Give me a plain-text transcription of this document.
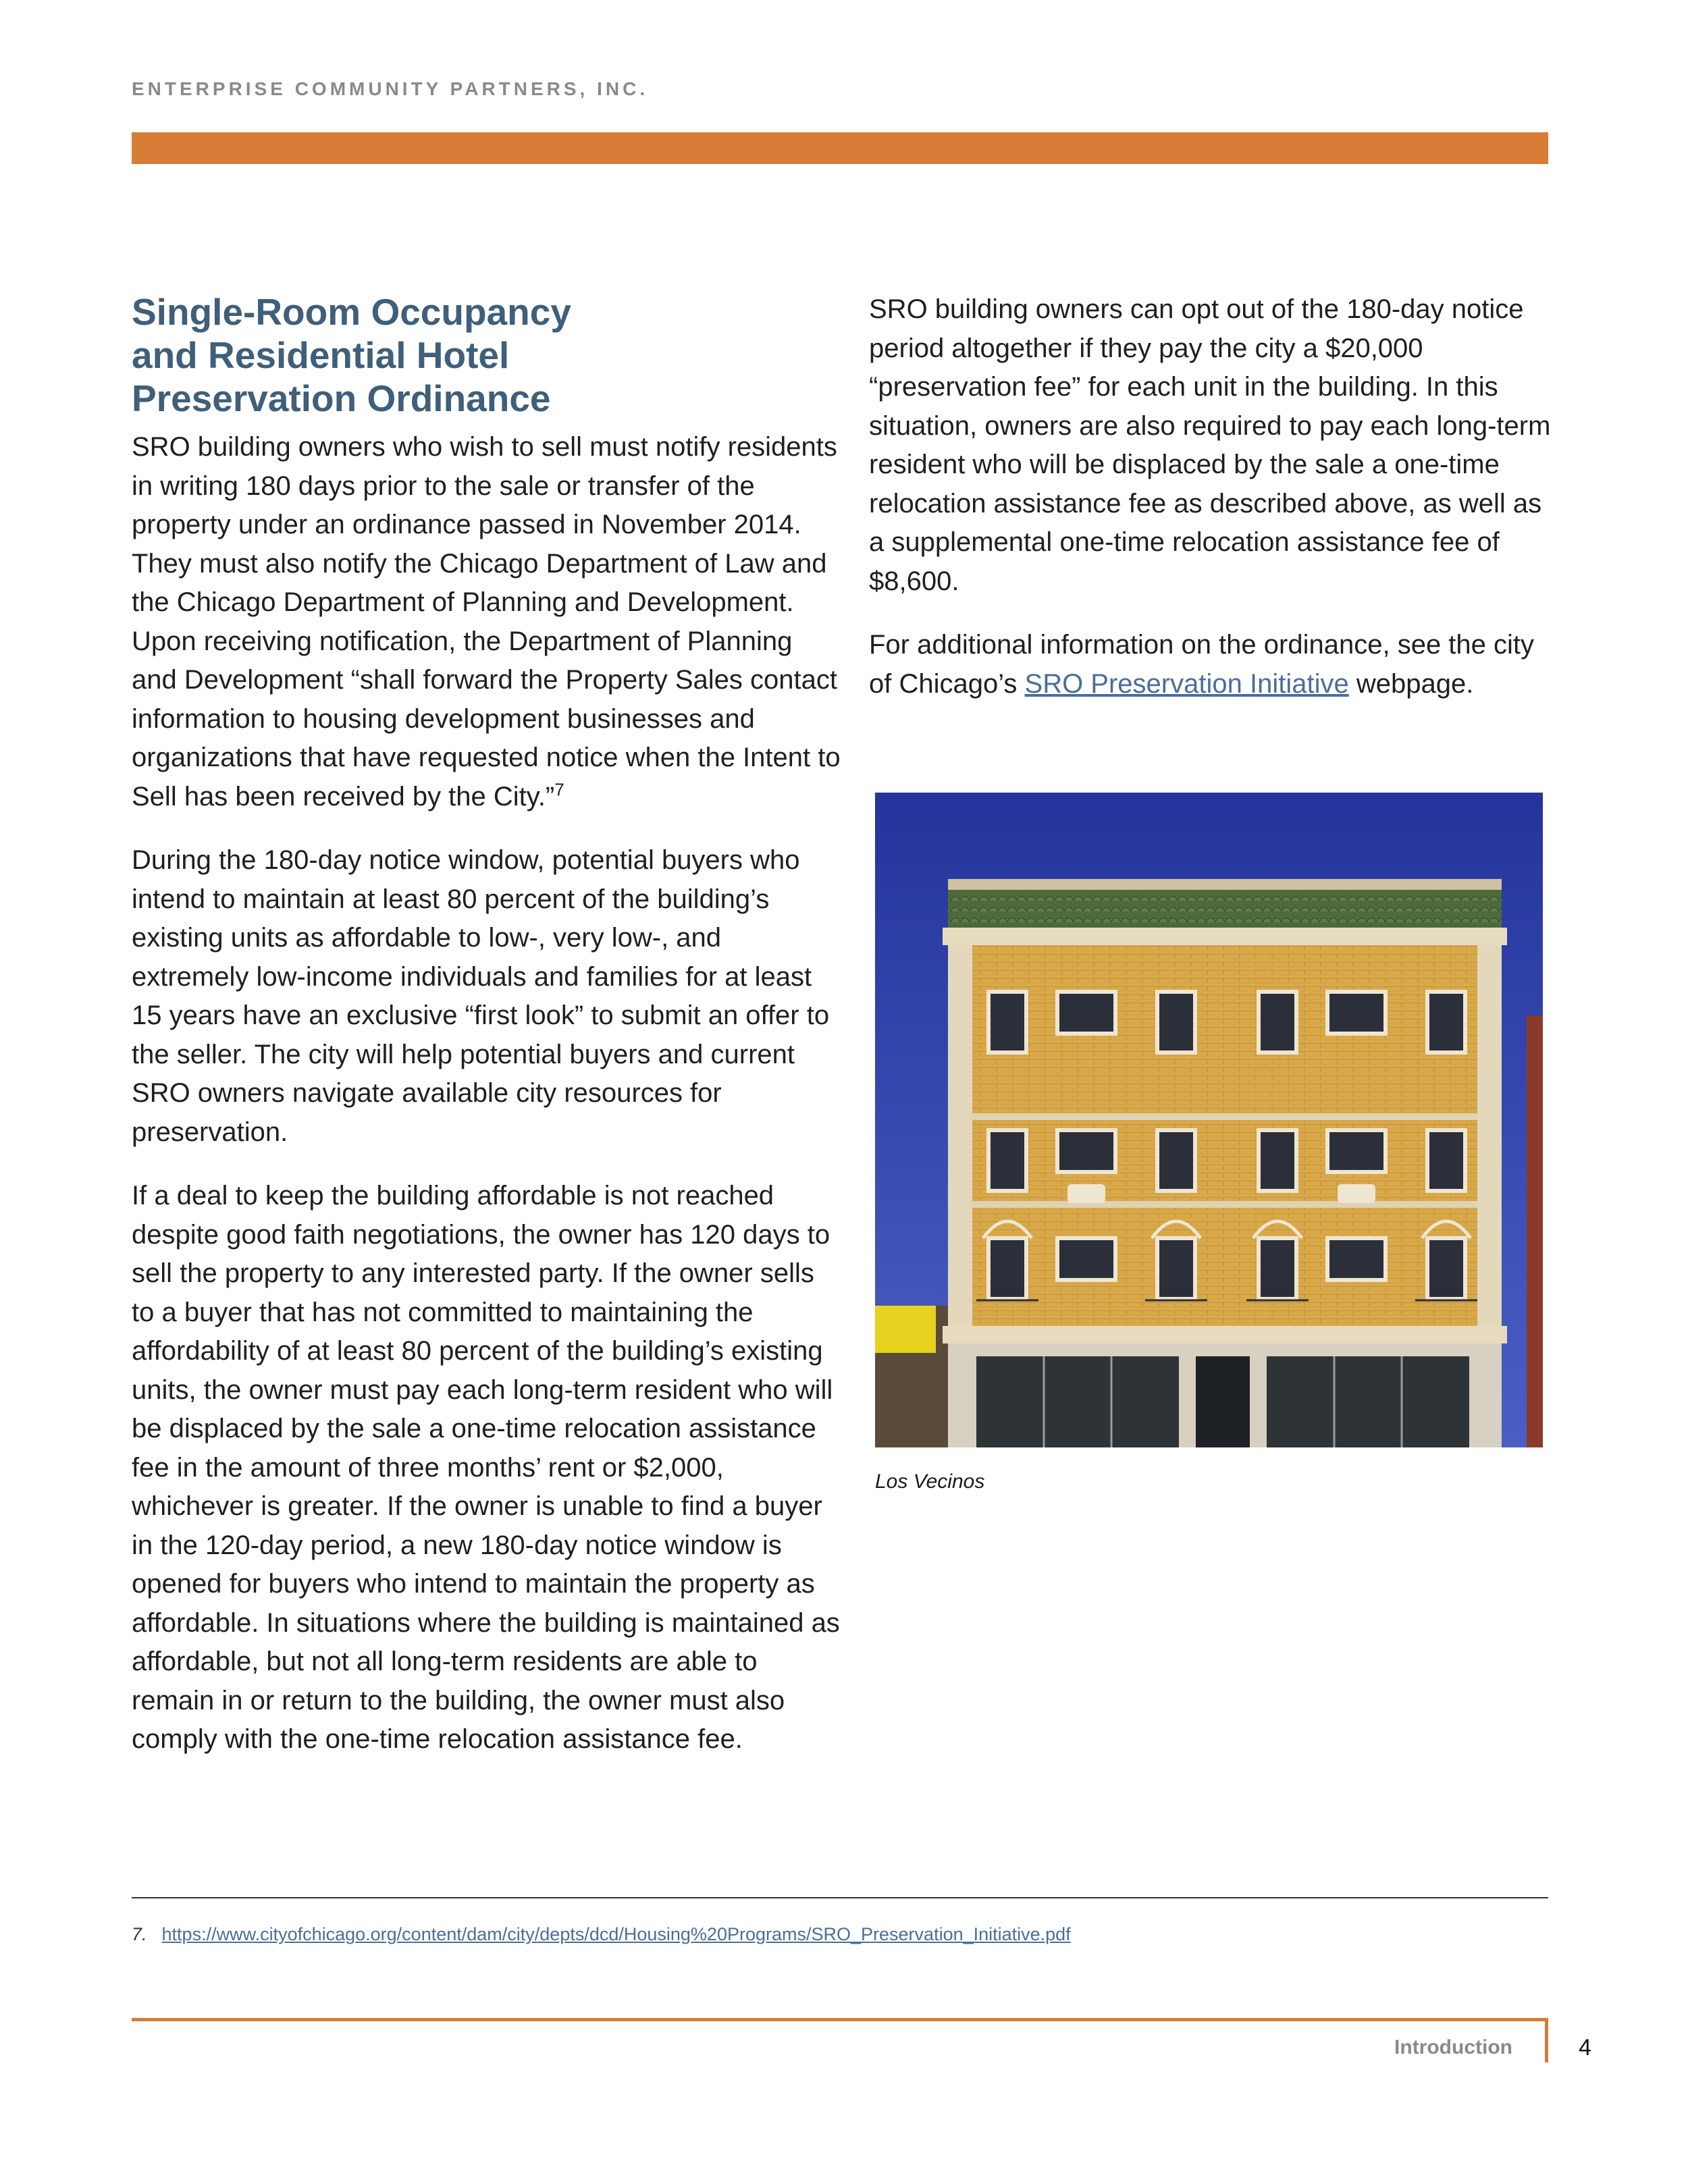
ENTERPRISE COMMUNITY PARTNERS, INC.
Single-Room Occupancy and Residential Hotel Preservation Ordinance

SRO building owners who wish to sell must notify residents in writing 180 days prior to the sale or transfer of the property under an ordinance passed in November 2014. They must also notify the Chicago Department of Law and the Chicago Department of Planning and Development. Upon receiving notification, the Department of Planning and Development “shall forward the Property Sales contact information to housing development businesses and organizations that have requested notice when the Intent to Sell has been received by the City.”$^7$

During the 180-day notice window, potential buyers who intend to maintain at least 80 percent of the building’s existing units as affordable to low-, very low-, and extremely low-income individuals and families for at least 15 years have an exclusive “first look” to submit an offer to the seller. The city will help potential buyers and current SRO owners navigate available city resources for preservation.

If a deal to keep the building affordable is not reached despite good faith negotiations, the owner has 120 days to sell the property to any interested party. If the owner sells to a buyer that has not committed to maintaining the affordability of at least 80 percent of the building’s existing units, the owner must pay each long-term resident who will be displaced by the sale a one-time relocation assistance fee in the amount of three months’ rent or $2,000, whichever is greater. If the owner is unable to find a buyer in the 120-day period, a new 180-day notice window is opened for buyers who intend to maintain the property as affordable. In situations where the building is maintained as affordable, but not all long-term residents are able to remain in or return to the building, the owner must also comply with the one-time relocation assistance fee.

SRO building owners can opt out of the 180-day notice period altogether if they pay the city a $20,000 “preservation fee” for each unit in the building. In this situation, owners are also required to pay each long-term resident who will be displaced by the sale a one-time relocation assistance fee as described above, as well as a supplemental one-time relocation assistance fee of $8,600.

For additional information on the ordinance, see the city of Chicago’s SRO Preservation Initiative webpage.

Los Vecinos
7. https://www.cityofchicago.org/content/dam/city/depts/dcd/Housing%20Programs/SRO_Preservation_Initiative.pdf
Introduction	4
